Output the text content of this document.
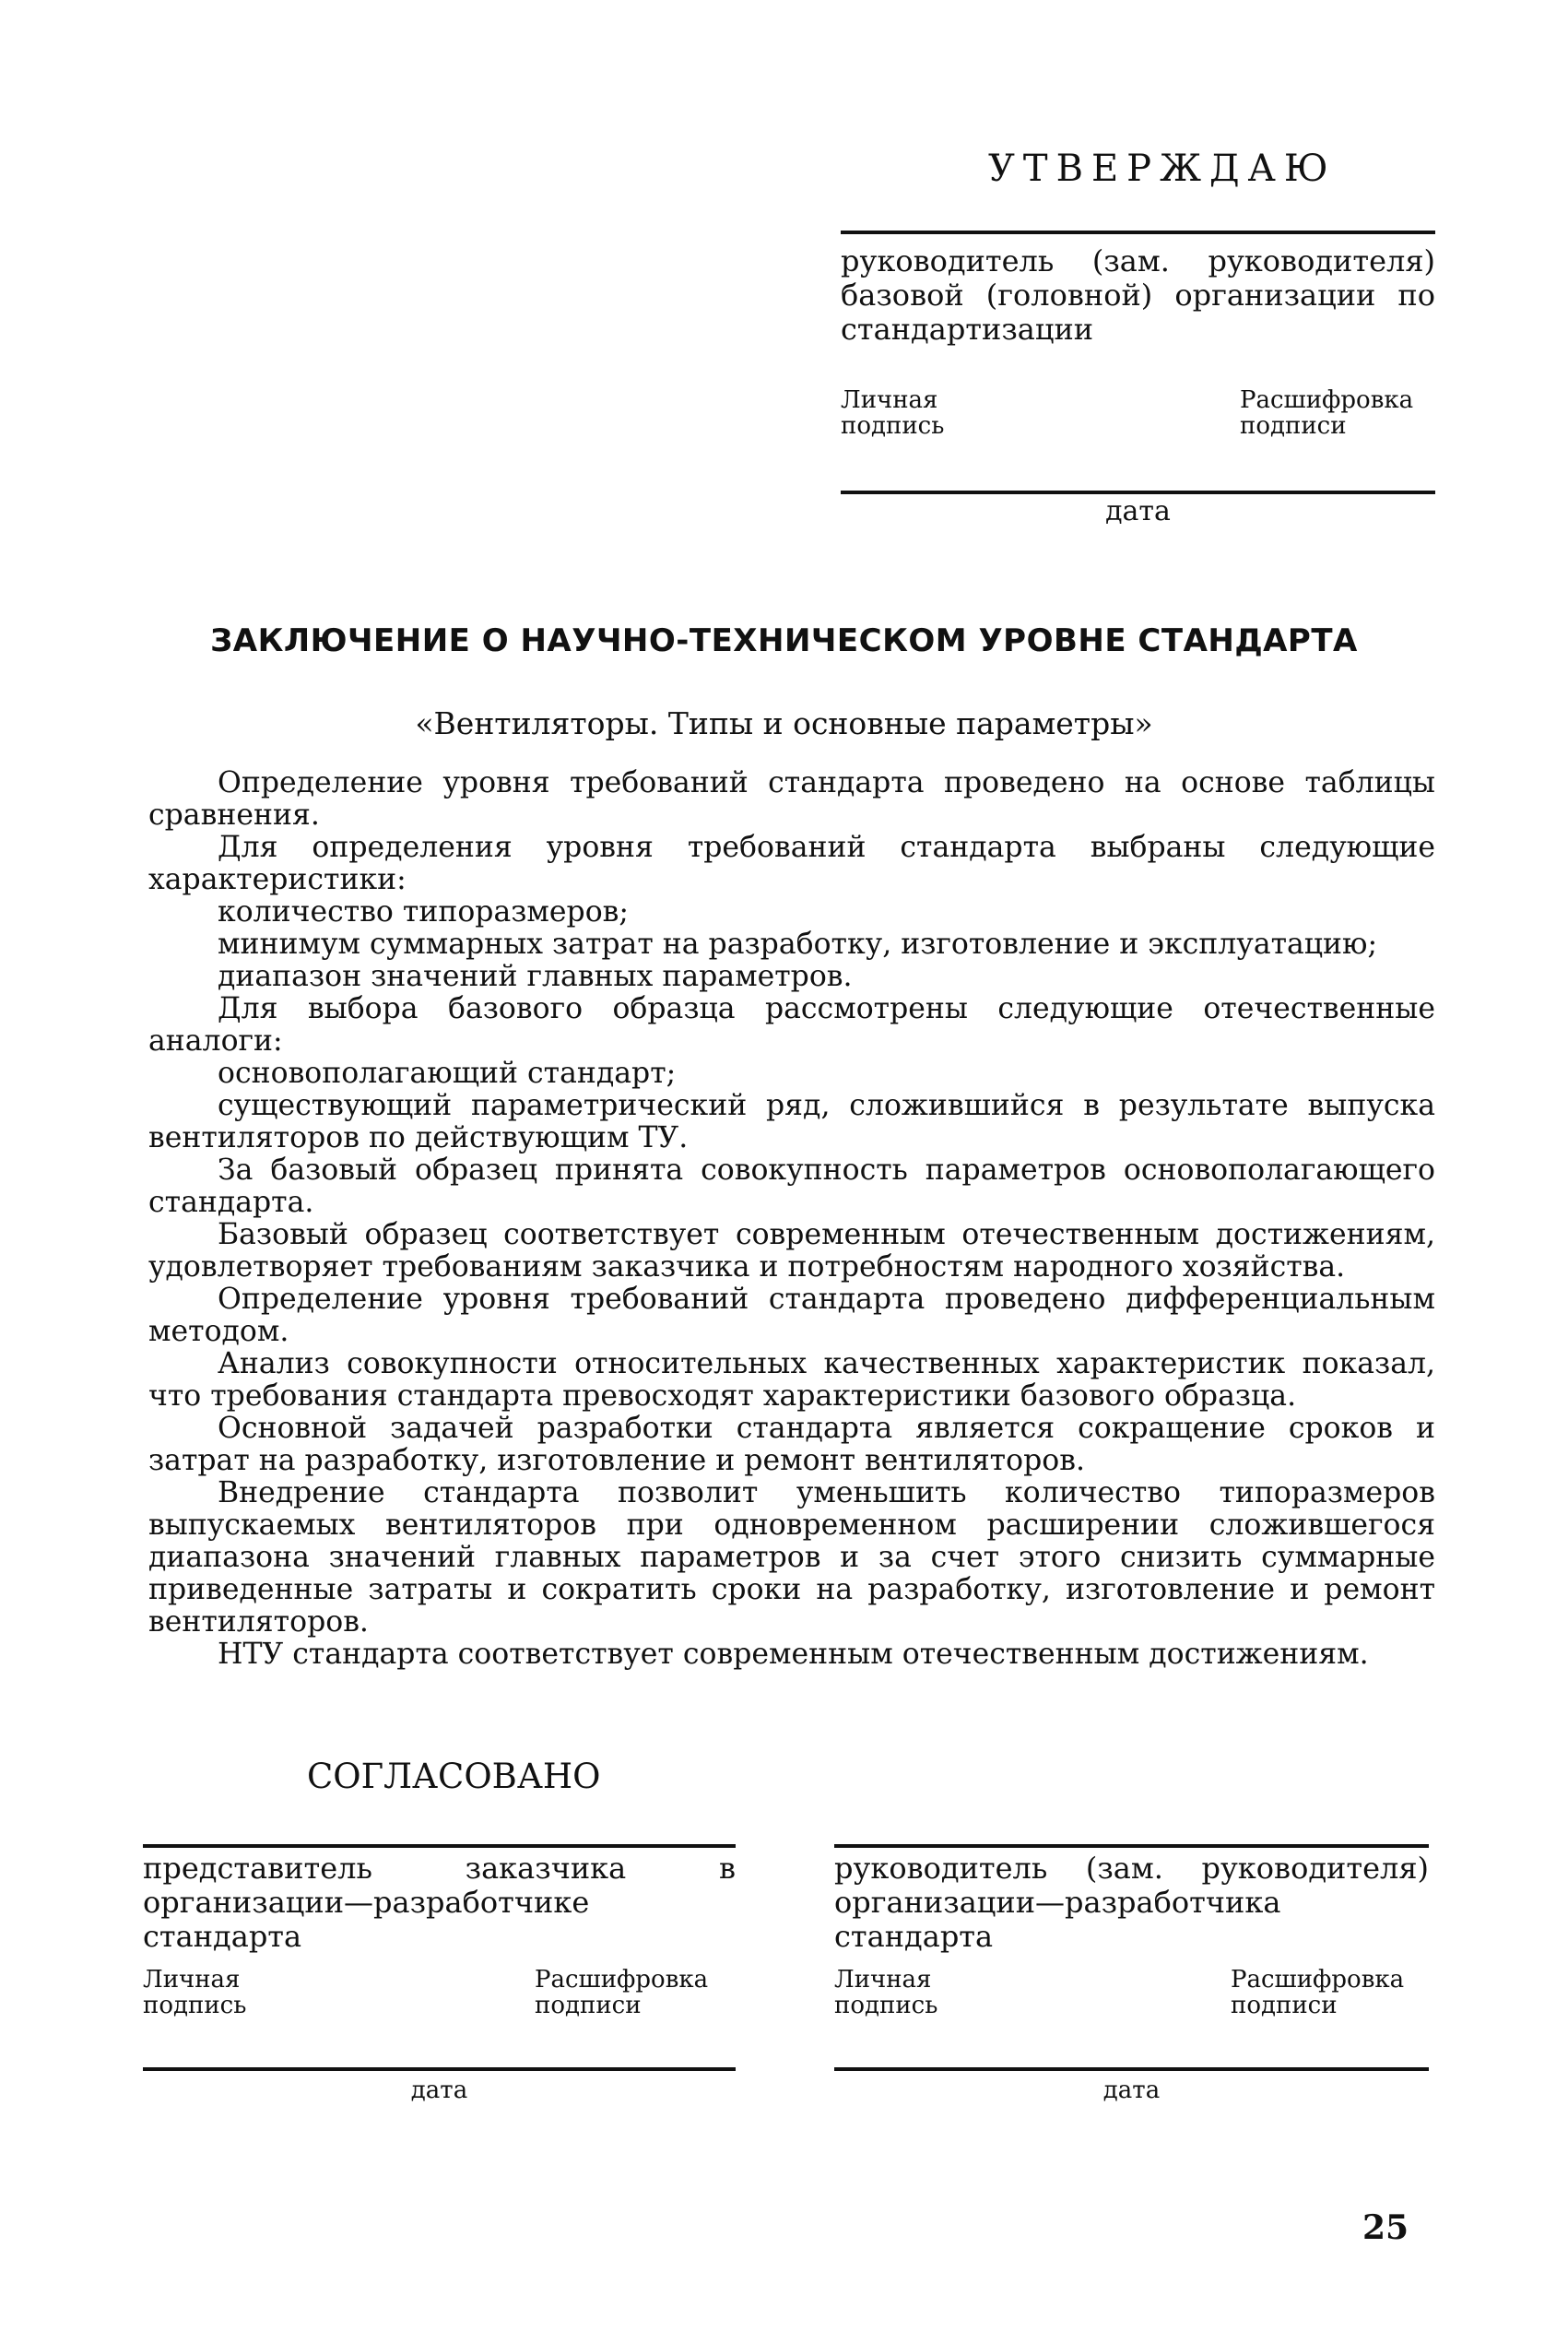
УТВЕРЖДАЮ
руководитель (зам. руководителя) базовой (головной) организации по стандартизации
Личная
подпись
Расшифровка
подписи
дата
ЗАКЛЮЧЕНИЕ О НАУЧНО-ТЕХНИЧЕСКОМ УРОВНЕ СТАНДАРТА
«Вентиляторы. Типы и основные параметры»

Определение уровня требований стандарта проведено на основе таблицы сравнения.

Для определения уровня требований стандарта выбраны следующие характеристики:

количество типоразмеров;

минимум суммарных затрат на разработку, изготовление и эксплуатацию;

диапазон значений главных параметров.

Для выбора базового образца рассмотрены следующие отечественные аналоги:

основополагающий стандарт;

существующий параметрический ряд, сложившийся в результате выпуска вентиляторов по действующим ТУ.

За базовый образец принята совокупность параметров основополагающего стандарта.

Базовый образец соответствует современным отечественным достижениям, удовлетворяет требованиям заказчика и потребностям народного хозяйства.

Определение уровня требований стандарта проведено дифференциальным методом.

Анализ совокупности относительных качественных характеристик показал, что требования стандарта превосходят характеристики базового образца.

Основной задачей разработки стандарта является сокращение сроков и затрат на разработку, изготовление и ремонт вентиляторов.

Внедрение стандарта позволит уменьшить количество типоразмеров выпускаемых вентиляторов при одновременном расширении сложившегося диапазона значений главных параметров и за счет этого снизить суммарные приведенные затраты и сократить сроки на разработку, изготовление и ремонт вентиляторов.

НТУ стандарта соответствует современным отечественным достижениям.

СОГЛАСОВАНО
представитель заказчика в организации—разработчике стандарта
Личная
подпись
Расшифровка
подписи
дата
руководитель (зам. руководителя) организации—разработчика стандарта
Личная
подпись
Расшифровка
подписи
дата
25
